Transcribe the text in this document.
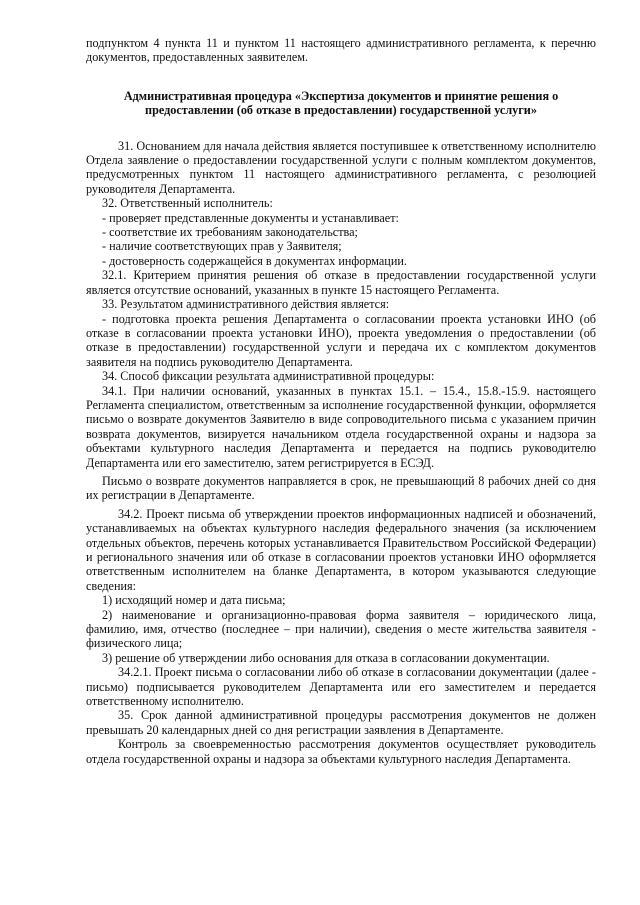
подпунктом 4 пункта 11 и пунктом 11 настоящего административного регламента, к перечню документов, предоставленных заявителем.

Административная процедура «Экспертиза документов и принятие решения о предоставлении (об отказе в предоставлении) государственной услуги»

31. Основанием для начала действия является поступившее к ответственному исполнителю Отдела заявление о предоставлении государственной услуги с полным комплектом документов, предусмотренных пунктом 11 настоящего административного регламента, с резолюцией руководителя Департамента.

32. Ответственный исполнитель:

- проверяет представленные документы и устанавливает:

- соответствие их требованиям законодательства;

- наличие соответствующих прав у Заявителя;

- достоверность содержащейся в документах информации.

32.1. Критерием принятия решения об отказе в предоставлении государственной услуги является отсутствие оснований, указанных в пункте 15 настоящего Регламента.

33. Результатом административного действия является:

- подготовка проекта решения Департамента о согласовании проекта установки ИНО (об отказе в согласовании проекта установки ИНО), проекта уведомления о предоставлении (об отказе в предоставлении) государственной услуги и передача их с комплектом документов заявителя на подпись руководителю Департамента.

34. Способ фиксации результата административной процедуры:

34.1. При наличии оснований, указанных в пунктах 15.1. – 15.4., 15.8.-15.9. настоящего Регламента специалистом, ответственным за исполнение государственной функции, оформляется письмо о возврате документов Заявителю в виде сопроводительного письма с указанием причин возврата документов, визируется начальником отдела государственной охраны и надзора за объектами культурного наследия Департамента и передается на подпись руководителю Департамента или его заместителю, затем регистрируется в ЕСЭД.

Письмо о возврате документов направляется в срок, не превышающий 8 рабочих дней со дня их регистрации в Департаменте.

34.2. Проект письма об утверждении проектов информационных надписей и обозначений, устанавливаемых на объектах культурного наследия федерального значения (за исключением отдельных объектов, перечень которых устанавливается Правительством Российской Федерации) и регионального значения или об отказе в согласовании проектов установки ИНО оформляется ответственным исполнителем на бланке Департамента, в котором указываются следующие сведения:

1) исходящий номер и дата письма;

2) наименование и организационно-правовая форма заявителя – юридического лица, фамилию, имя, отчество (последнее – при наличии), сведения о месте жительства заявителя - физического лица;

3) решение об утверждении либо основания для отказа в согласовании документации.

34.2.1. Проект письма о согласовании либо об отказе в согласовании документации (далее - письмо) подписывается руководителем Департамента или его заместителем и передается ответственному исполнителю.

35. Срок данной административной процедуры рассмотрения документов не должен превышать 20 календарных дней со дня регистрации заявления в Департаменте.

Контроль за своевременностью рассмотрения документов осуществляет руководитель отдела государственной охраны и надзора за объектами культурного наследия Департамента.
